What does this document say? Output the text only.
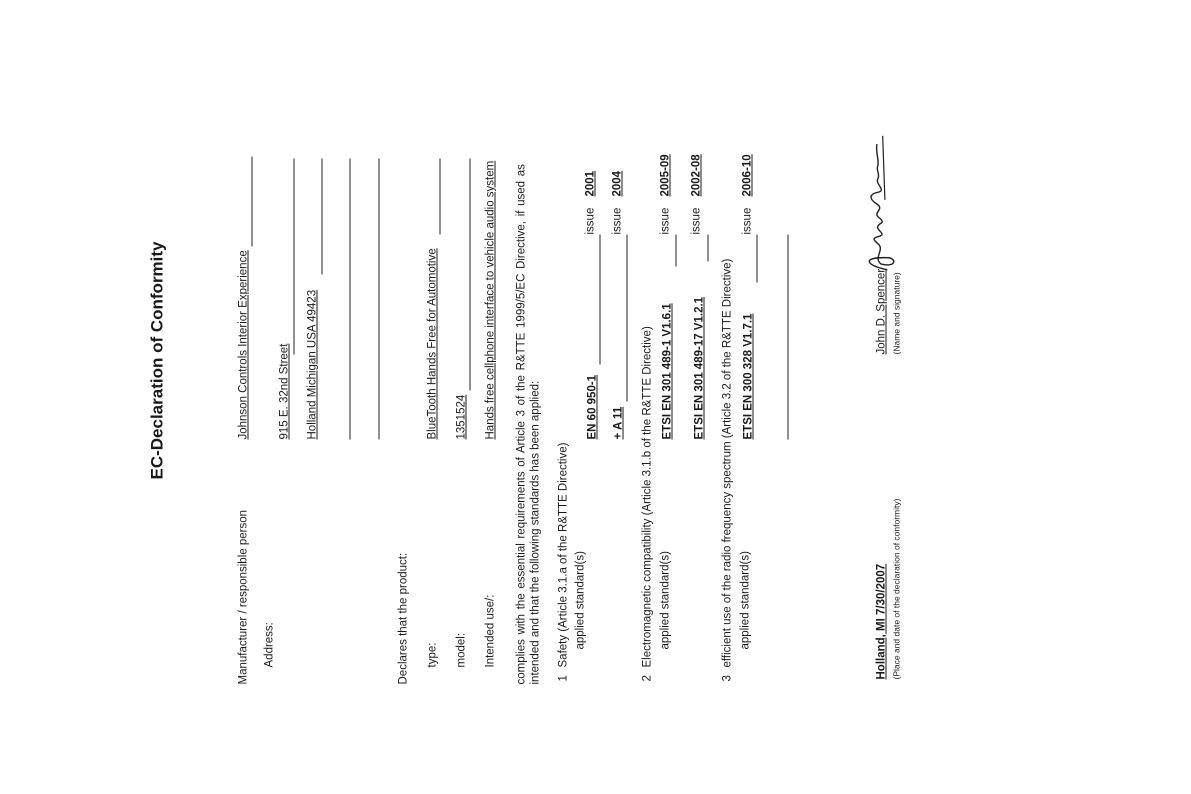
EC-Declaration of Conformity
Manufacturer / responsible person
Johnson Controls Interior Experience
Address:
915 E. 32nd Street Holland Michigan USA 49423
Declares that the product: type:
BlueTooth Hands Free for Automotive
model:
1351524
Intended use/:
Hands free cellphone interface to vehicle audio system complies with the essential requirements of Article 3 of the R&TTE 1999/5/EC Directive, if used as intended and that the following standards has been applied: 1
Safety (Article 3.1.a of the R&TTE Directive) applied standard(s)
EN 60 950-1
issue
2001
+ A 11
issue
2004
2
Electromagnetic compatibility (Article 3.1.b of the R&TTE Directive) applied standard(s)
ETSI EN 301 489-1 V1.6.1
issue
2005-09
ETSI EN 301 489-17 V1.2.1
issue
2002-08
3
efficient use of the radio frequency spectrum (Article 3.2 of the R&TTE Directive) applied standard(s)
ETSI EN 300 328 V1.7.1
issue
2006-10
Holland, MI 7/30/2007 (Place and date of the declaration of conformity)
John D. Spencer (Name and signature)
